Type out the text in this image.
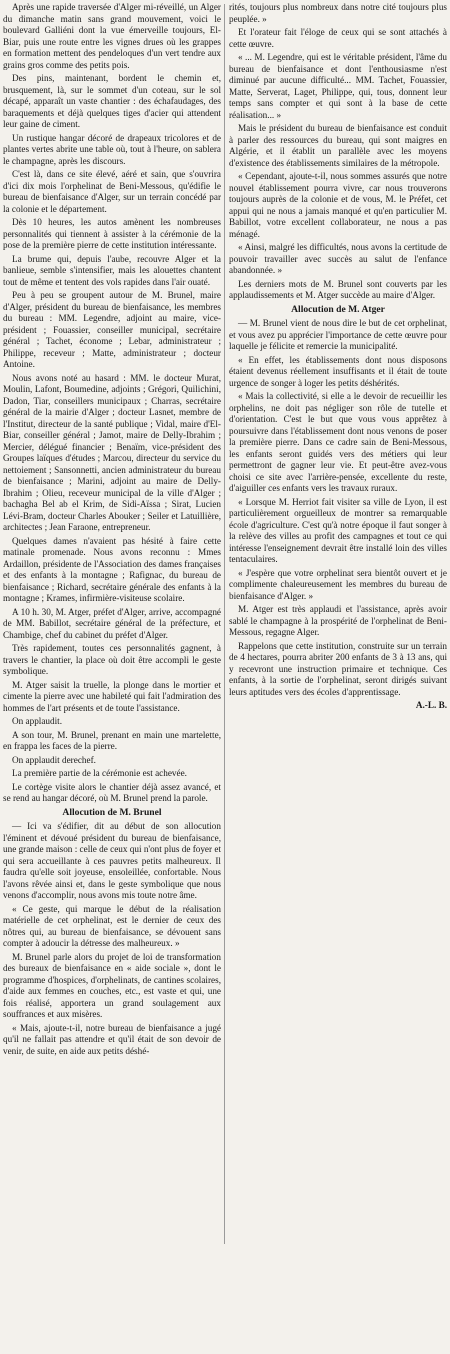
Après une rapide traversée d'Alger mi-réveillé, un Alger du dimanche matin sans grand mouvement, voici le boulevard Galliéni dont la vue émerveille toujours, El-Biar, puis une route entre les vignes drues où les grappes en formation mettent des pendeloques d'un vert tendre aux grains gros comme des petits pois.

Des pins, maintenant, bordent le chemin et, brusquement, là, sur le sommet d'un coteau, sur le sol décapé, apparaît un vaste chantier : des échafaudages, des baraquements et déjà quelques tiges d'acier qui attendent leur gaine de ciment.

Un rustique hangar décoré de drapeaux tricolores et de plantes vertes abrite une table où, tout à l'heure, on sablera le champagne, après les discours.

C'est là, dans ce site élevé, aéré et sain, que s'ouvrira d'ici dix mois l'orphelinat de Beni-Messous, qu'édifie le bureau de bienfaisance d'Alger, sur un terrain concédé par la colonie et le département.

Dès 10 heures, les autos amènent les nombreuses personnalités qui tiennent à assister à la cérémonie de la pose de la première pierre de cette institution intéressante.

La brume qui, depuis l'aube, recouvre Alger et la banlieue, semble s'intensifier, mais les alouettes chantent tout de même et tentent des vols rapides dans l'air ouaté.

Peu à peu se groupent autour de M. Brunel, maire d'Alger, président du bureau de bienfaisance, les membres du bureau : MM. Legendre, adjoint au maire, vice-président ; Fouassier, conseiller municipal, secrétaire général ; Tachet, économe ; Lebar, administrateur ; Philippe, receveur ; Matte, administrateur ; docteur Antoine.

Nous avons noté au hasard : MM. le docteur Murat, Moulin, Lafont, Boumedine, adjoints ; Grégori, Quilichini, Dadon, Tiar, conseillers municipaux ; Charras, secrétaire général de la mairie d'Alger ; docteur Lasnet, membre de l'Institut, directeur de la santé publique ; Vidal, maire d'El-Biar, conseiller général ; Jamot, maire de Delly-Ibrahim ; Mercier, délégué financier ; Benaïm, vice-président des Groupes laïques d'études ; Marcou, directeur du service du nettoiement ; Sansonnetti, ancien administrateur du bureau de bienfaisance ; Marini, adjoint au maire de Delly-Ibrahim ; Olieu, receveur municipal de la ville d'Alger ; bachagha Bel ab el Krim, de Sidi-Aïssa ; Sirat, Lucien Lévi-Bram, docteur Charles Abouker ; Seiler et Latuillière, architectes ; Jean Faraone, entrepreneur.

Quelques dames n'avaient pas hésité à faire cette matinale promenade. Nous avons reconnu : Mmes Ardaillon, présidente de l'Association des dames françaises et des enfants à la montagne ; Rafignac, du bureau de bienfaisance ; Richard, secrétaire générale des enfants à la montagne ; Krames, infirmière-visiteuse scolaire.

A 10 h. 30, M. Atger, préfet d'Alger, arrive, accompagné de MM. Babillot, secrétaire général de la préfecture, et Chambige, chef du cabinet du préfet d'Alger.

Très rapidement, toutes ces personnalités gagnent, à travers le chantier, la place où doit être accompli le geste symbolique.

M. Atger saisit la truelle, la plonge dans le mortier et cimente la pierre avec une habileté qui fait l'admiration des hommes de l'art présents et de toute l'assistance.

On applaudit.

A son tour, M. Brunel, prenant en main une martelette, en frappa les faces de la pierre.

On applaudit derechef.

La première partie de la cérémonie est achevée.

Le cortège visite alors le chantier déjà assez avancé, et se rend au hangar décoré, où M. Brunel prend la parole.

Allocution de M. Brunel

— Ici va s'édifier, dit au début de son allocution l'éminent et dévoué président du bureau de bienfaisance, une grande maison : celle de ceux qui n'ont plus de foyer et qui sera accueillante à ces pauvres petits malheureux. Il faudra qu'elle soit joyeuse, ensoleillée, confortable. Nous l'avons rêvée ainsi et, dans le geste symbolique que nous venons d'accomplir, nous avons mis toute notre âme.

« Ce geste, qui marque le début de la réalisation matérielle de cet orphelinat, est le dernier de ceux des nôtres qui, au bureau de bienfaisance, se dévouent sans compter à adoucir la détresse des malheureux. »

M. Brunel parle alors du projet de loi de transformation des bureaux de bienfaisance en « aide sociale », dont le programme d'hospices, d'orphelinats, de cantines scolaires, d'aide aux femmes en couches, etc., est vaste et qui, une fois réalisé, apportera un grand soulagement aux souffrances et aux misères.

« Mais, ajoute-t-il, notre bureau de bienfaisance a jugé qu'il ne fallait pas attendre et qu'il était de son devoir de venir, de suite, en aide aux petits déshé-

rités, toujours plus nombreux dans notre cité toujours plus peuplée. »

Et l'orateur fait l'éloge de ceux qui se sont attachés à cette œuvre.

« ... M. Legendre, qui est le véritable président, l'âme du bureau de bienfaisance et dont l'enthousiasme n'est diminué par aucune difficulté... MM. Tachet, Fouassier, Matte, Serverat, Laget, Philippe, qui, tous, donnent leur temps sans compter et qui sont à la base de cette réalisation... »

Mais le président du bureau de bienfaisance est conduit à parler des ressources du bureau, qui sont maigres en Algérie, et il établit un parallèle avec les moyens d'existence des établissements similaires de la métropole.

« Cependant, ajoute-t-il, nous sommes assurés que notre nouvel établissement pourra vivre, car nous trouverons toujours auprès de la colonie et de vous, M. le Préfet, cet appui qui ne nous a jamais manqué et qu'en particulier M. Babillot, votre excellent collaborateur, ne nous a pas ménagé.

« Ainsi, malgré les difficultés, nous avons la certitude de pouvoir travailler avec succès au salut de l'enfance abandonnée. »

Les derniers mots de M. Brunel sont couverts par les applaudissements et M. Atger succède au maire d'Alger.

Allocution de M. Atger

— M. Brunel vient de nous dire le but de cet orphelinat, et vous avez pu apprécier l'importance de cette œuvre pour laquelle je félicite et remercie la municipalité.

« En effet, les établissements dont nous disposons étaient devenus réellement insuffisants et il était de toute urgence de songer à loger les petits déshérités.

« Mais la collectivité, si elle a le devoir de recueillir les orphelins, ne doit pas négliger son rôle de tutelle et d'orientation. C'est le but que vous vous apprêtez à poursuivre dans l'établissement dont nous venons de poser la première pierre. Dans ce cadre sain de Beni-Messous, les enfants seront guidés vers des métiers qui leur permettront de gagner leur vie. Et peut-être avez-vous choisi ce site avec l'arrière-pensée, excellente du reste, d'aiguiller ces enfants vers les travaux ruraux.

« Lorsque M. Herriot fait visiter sa ville de Lyon, il est particulièrement orgueilleux de montrer sa remarquable école d'agriculture. C'est qu'à notre époque il faut songer à la relève des villes au profit des campagnes et tout ce qui intéresse l'enseignement devrait être installé loin des villes tentaculaires.

« J'espère que votre orphelinat sera bientôt ouvert et je complimente chaleureusement les membres du bureau de bienfaisance d'Alger. »

M. Atger est très applaudi et l'assistance, après avoir sablé le champagne à la prospérité de l'orphelinat de Beni-Messous, regagne Alger.

Rappelons que cette institution, construite sur un terrain de 4 hectares, pourra abriter 200 enfants de 3 à 13 ans, qui y recevront une instruction primaire et technique. Ces enfants, à la sortie de l'orphelinat, seront dirigés suivant leurs aptitudes vers des écoles d'apprentissage.

A.-L. B.
